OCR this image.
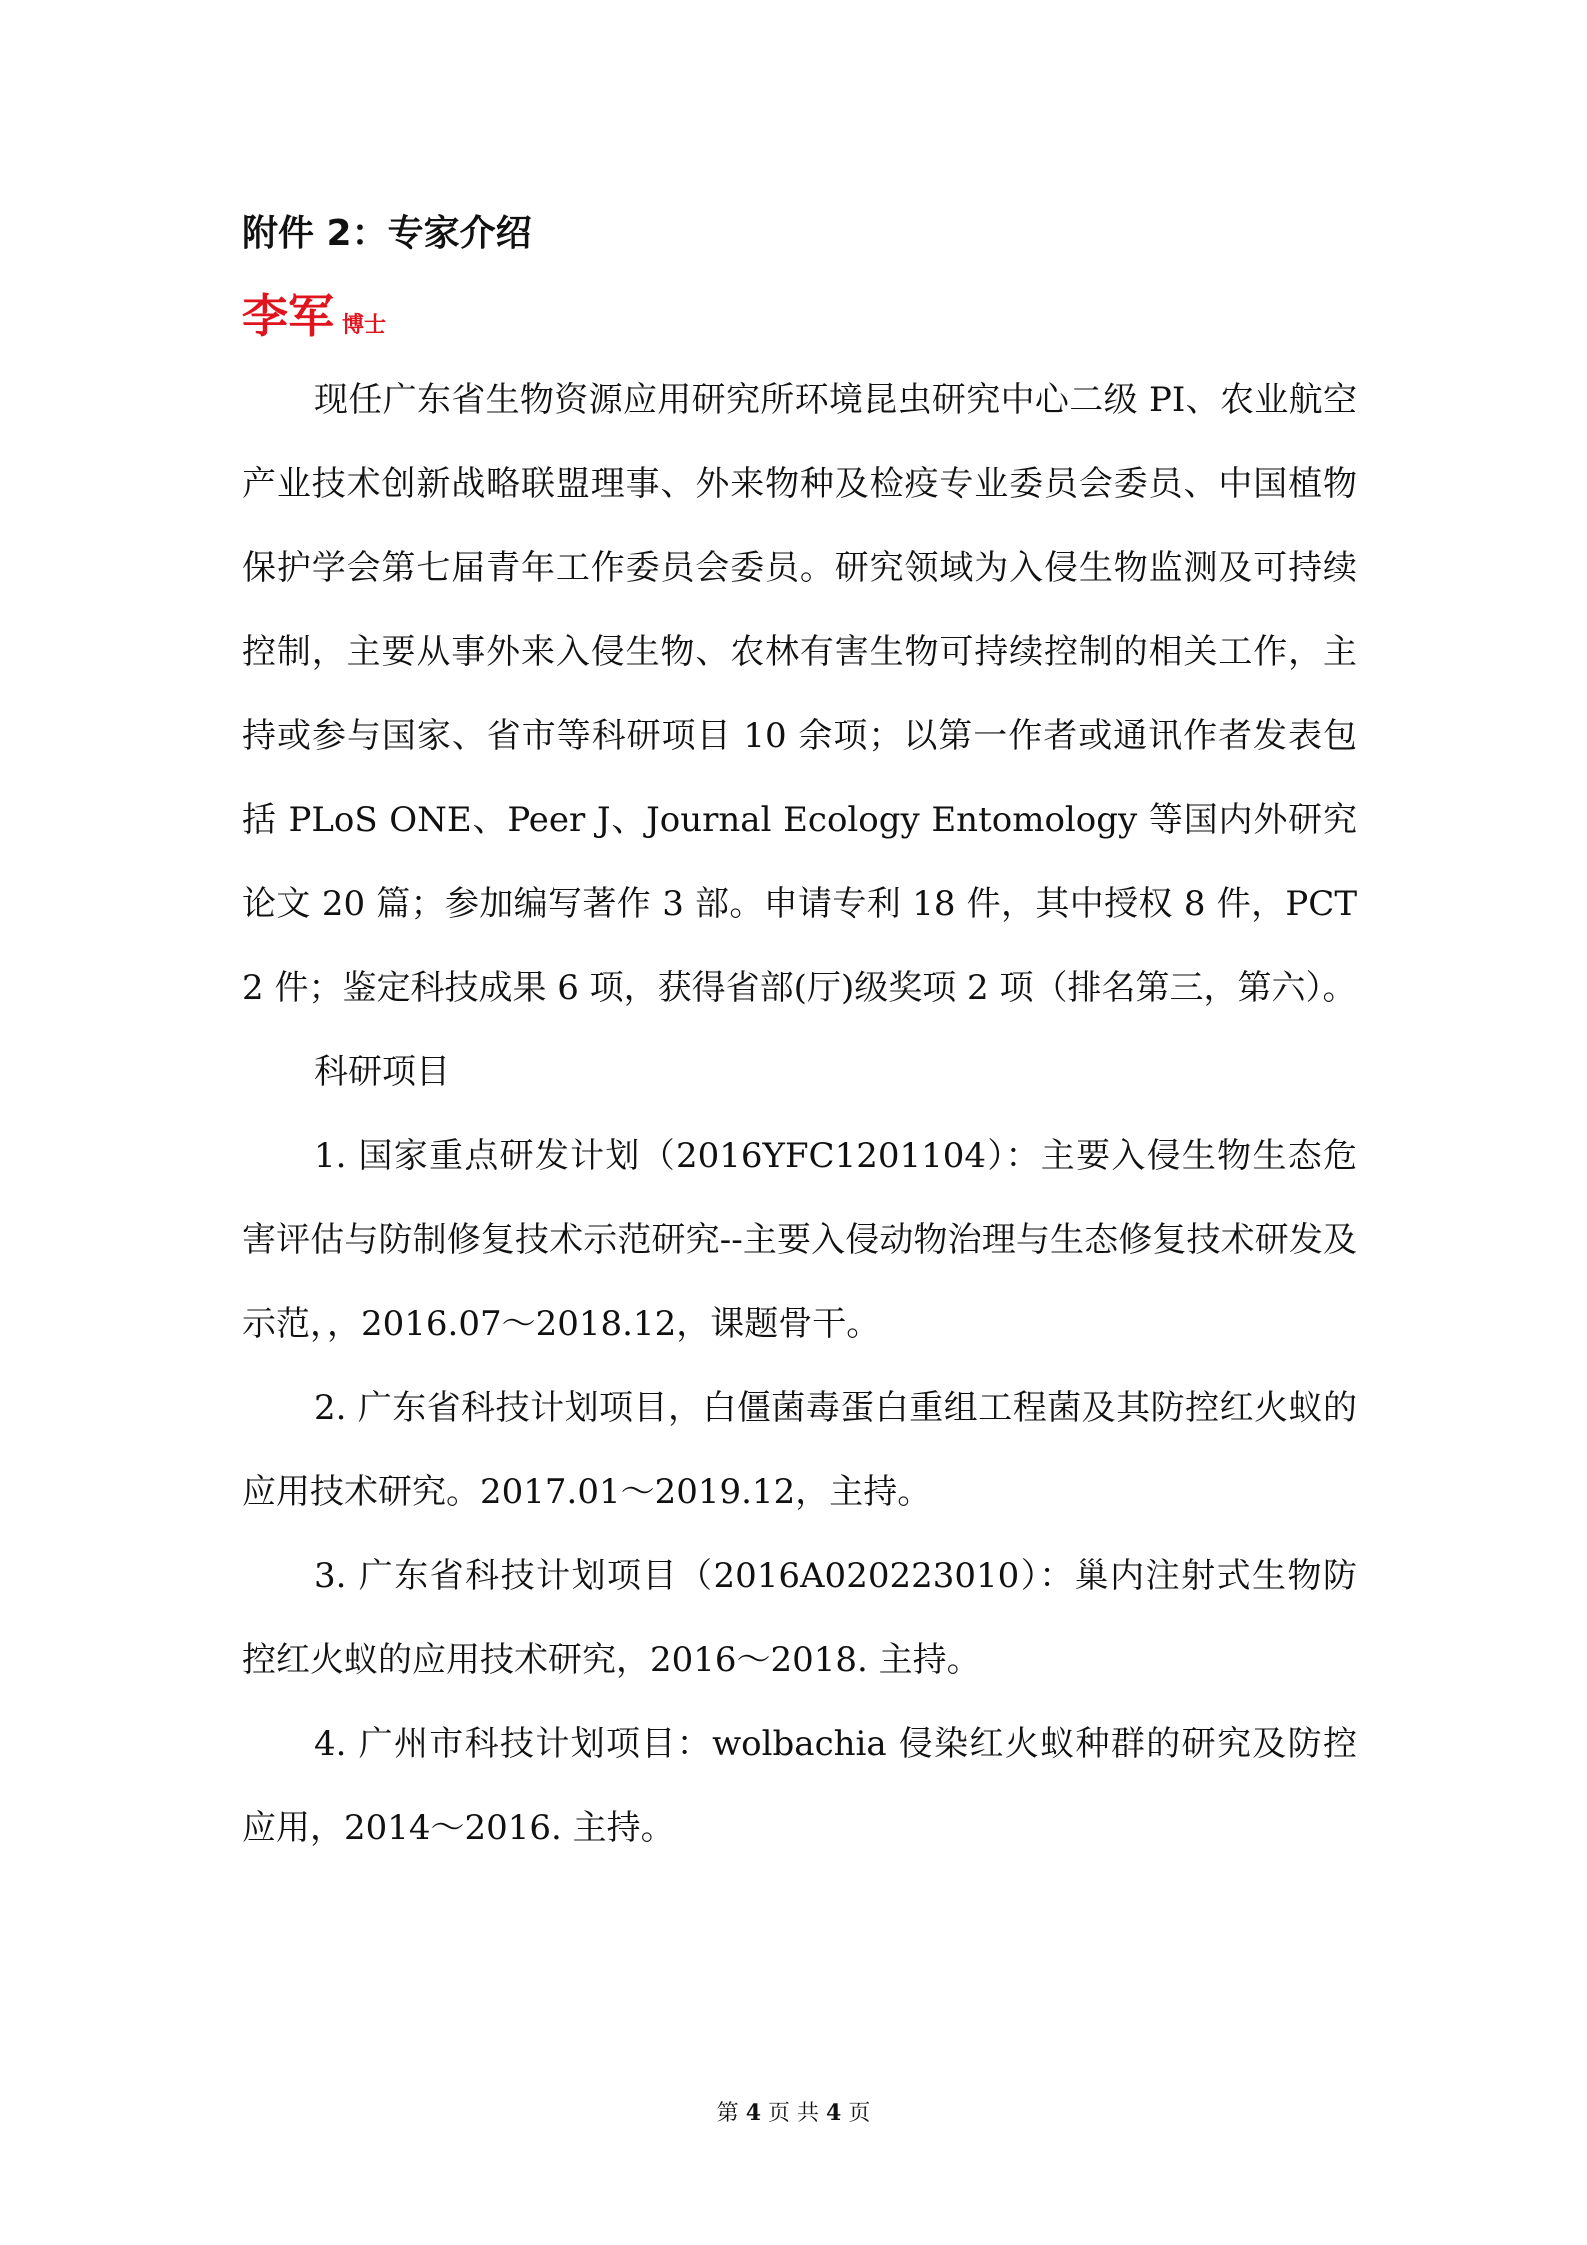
附件 2：专家介绍
李军 博士

现任广东省生物资源应用研究所环境昆虫研究中心二级 PI、农业航空产业技术创新战略联盟理事、外来物种及检疫专业委员会委员、中国植物保护学会第七届青年工作委员会委员。研究领域为入侵生物监测及可持续控制，主要从事外来入侵生物、农林有害生物可持续控制的相关工作，主持或参与国家、省市等科研项目 10 余项；以第一作者或通讯作者发表包括 PLoS ONE、Peer J、Journal Ecology Entomology 等国内外研究论文 20 篇；参加编写著作 3 部。申请专利 18 件，其中授权 8 件，PCT 2 件；鉴定科技成果 6 项，获得省部(厅)级奖项 2 项（排名第三，第六）。

科研项目

1. 国家重点研发计划（2016YFC1201104）：主要入侵生物生态危害评估与防制修复技术示范研究--主要入侵动物治理与生态修复技术研发及示范，，2016.07～2018.12，课题骨干。

2. 广东省科技计划项目，白僵菌毒蛋白重组工程菌及其防控红火蚁的应用技术研究。2017.01～2019.12，主持。

3. 广东省科技计划项目（2016A020223010）：巢内注射式生物防控红火蚁的应用技术研究，2016～2018. 主持。

4. 广州市科技计划项目：wolbachia 侵染红火蚁种群的研究及防控应用，2014～2016. 主持。

第 4 页 共 4 页
